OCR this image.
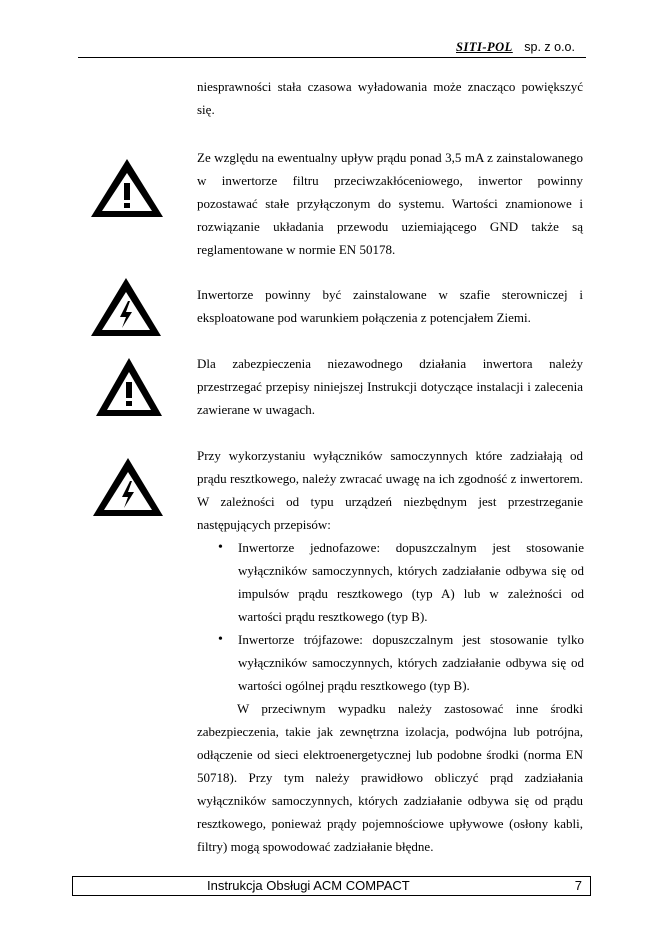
SITI-POL sp. z o.o.

niesprawności stała czasowa wyładowania może znacząco powiększyć się.

Ze względu na ewentualny upływ prądu ponad 3,5 mA z zainstalowanego w inwertorze filtru przeciwzakłóceniowego, inwertor powinny pozostawać stałe przyłączonym do systemu. Wartości znamionowe i rozwiązanie układania przewodu uziemiającego GND także są reglamentowane w normie EN 50178.

Inwertorze powinny być zainstalowane w szafie sterowniczej i eksploatowane pod warunkiem połączenia z potencjałem Ziemi.

Dla zabezpieczenia niezawodnego działania inwertora należy przestrzegać przepisy niniejszej Instrukcji dotyczące instalacji i zalecenia zawierane w uwagach.

Przy wykorzystaniu wyłączników samoczynnych które zadziałają od prądu resztkowego, należy zwracać uwagę na ich zgodność z inwertorem. W zależności od typu urządzeń niezbędnym jest przestrzeganie następujących przepisów:

• Inwertorze jednofazowe: dopuszczalnym jest stosowanie wyłączników samoczynnych, których zadziałanie odbywa się od impulsów prądu resztkowego (typ A) lub w zależności od wartości prądu resztkowego (typ B).
• Inwertorze trójfazowe: dopuszczalnym jest stosowanie tylko wyłączników samoczynnych, których zadziałanie odbywa się od wartości ogólnej prądu resztkowego (typ B).

W przeciwnym wypadku należy zastosować inne środki zabezpieczenia, takie jak zewnętrzna izolacja, podwójna lub potrójna, odłączenie od sieci elektroenergetycznej lub podobne środki (norma EN 50718). Przy tym należy prawidłowo obliczyć prąd zadziałania wyłączników samoczynnych, których zadziałanie odbywa się od prądu resztkowego, ponieważ prądy pojemnościowe upływowe (osłony kabli, filtry) mogą spowodować zadziałanie błędne.

Instrukcja Obsługi ACM COMPACT	7
